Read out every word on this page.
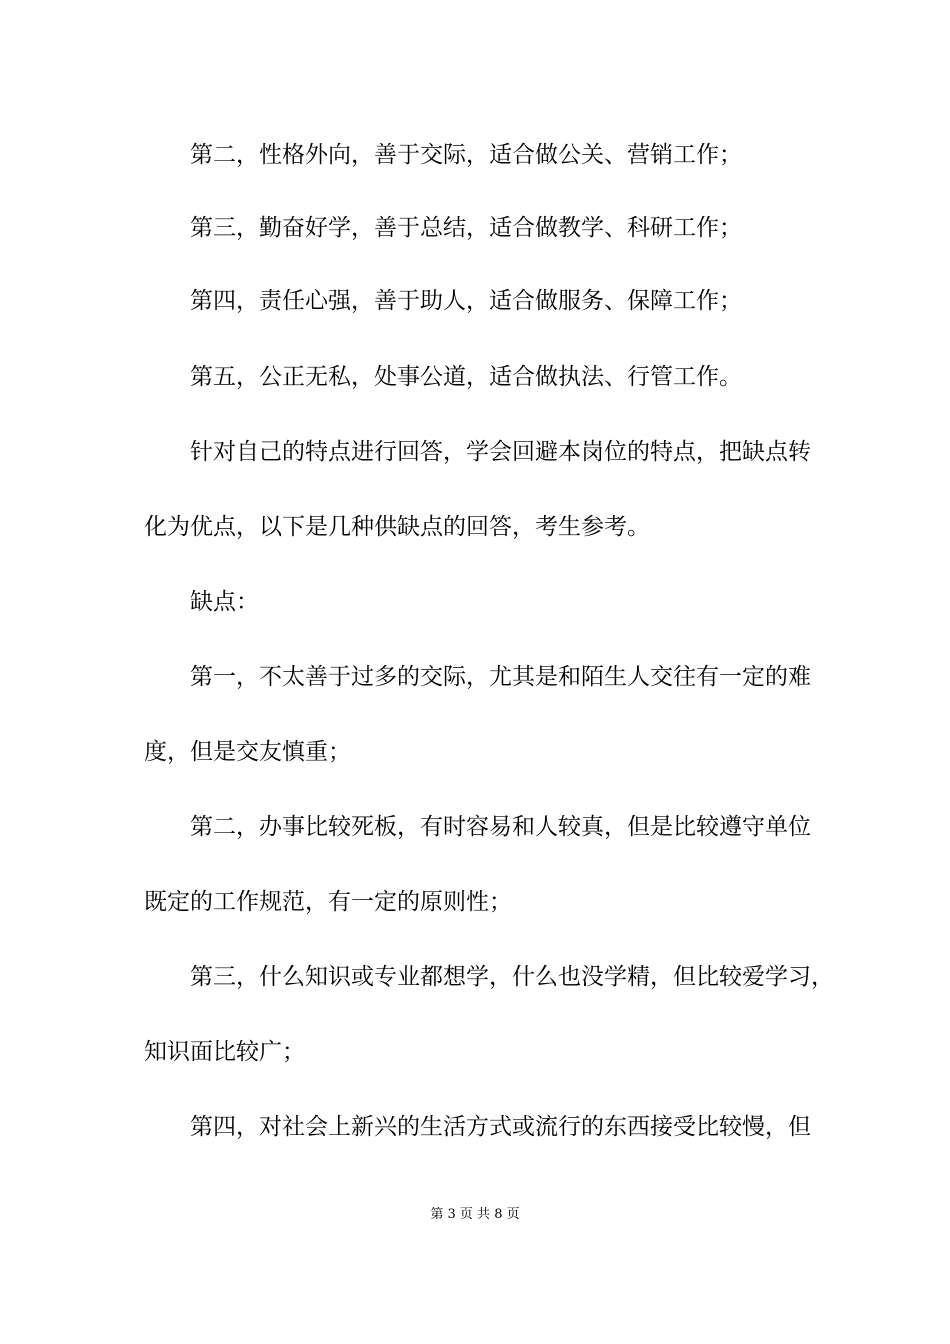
第二，性格外向，善于交际，适合做公关、营销工作；
第三，勤奋好学，善于总结，适合做教学、科研工作；
第四，责任心强，善于助人，适合做服务、保障工作；
第五，公正无私，处事公道，适合做执法、行管工作。
针对自己的特点进行回答，学会回避本岗位的特点，把缺点转
化为优点，以下是几种供缺点的回答，考生参考。
缺点：
第一，不太善于过多的交际，尤其是和陌生人交往有一定的难
度，但是交友慎重；
第二，办事比较死板，有时容易和人较真，但是比较遵守单位
既定的工作规范，有一定的原则性；
第三，什么知识或专业都想学，什么也没学精，但比较爱学习，
知识面比较广；
第四，对社会上新兴的生活方式或流行的东西接受比较慢，但
第 3 页 共 8 页
